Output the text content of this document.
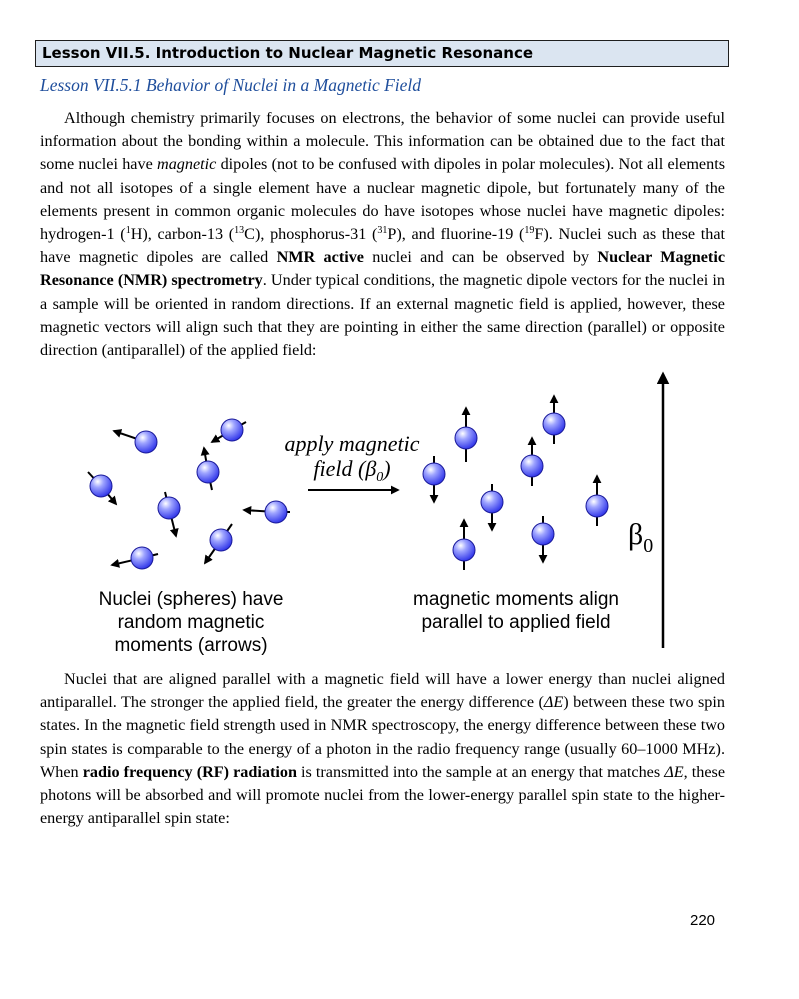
Lesson VII.5. Introduction to Nuclear Magnetic Resonance
Lesson VII.5.1 Behavior of Nuclei in a Magnetic Field

Although chemistry primarily focuses on electrons, the behavior of some nuclei can provide useful information about the bonding within a molecule. This information can be obtained due to the fact that some nuclei have magnetic dipoles (not to be confused with dipoles in polar molecules). Not all elements and not all isotopes of a single element have a nuclear magnetic dipole, but fortunately many of the elements present in common organic molecules do have isotopes whose nuclei have magnetic dipoles: hydrogen-1 ($^1$H), carbon-13 ($^{13}$C), phosphorus-31 ($^{31}$P), and fluorine-19 ($^{19}$F). Nuclei such as these that have magnetic dipoles are called NMR active nuclei and can be observed by Nuclear Magnetic Resonance (NMR) spectrometry. Under typical conditions, the magnetic dipole vectors for the nuclei in a sample will be oriented in random directions. If an external magnetic field is applied, however, these magnetic vectors will align such that they are pointing in either the same direction (parallel) or opposite direction (antiparallel) of the applied field:

apply magnetic
field $(\beta_0)$
$\beta_0$
Nuclei (spheres) have
random magnetic
moments (arrows)
magnetic moments align
parallel to applied field

Nuclei that are aligned parallel with a magnetic field will have a lower energy than nuclei aligned antiparallel. The stronger the applied field, the greater the energy difference (ΔE) between these two spin states. In the magnetic field strength used in NMR spectroscopy, the energy difference between these two spin states is comparable to the energy of a photon in the radio frequency range (usually 60–1000 MHz). When radio frequency (RF) radiation is transmitted into the sample at an energy that matches ΔE, these photons will be absorbed and will promote nuclei from the lower-energy parallel spin state to the higher-energy antiparallel spin state:

220
